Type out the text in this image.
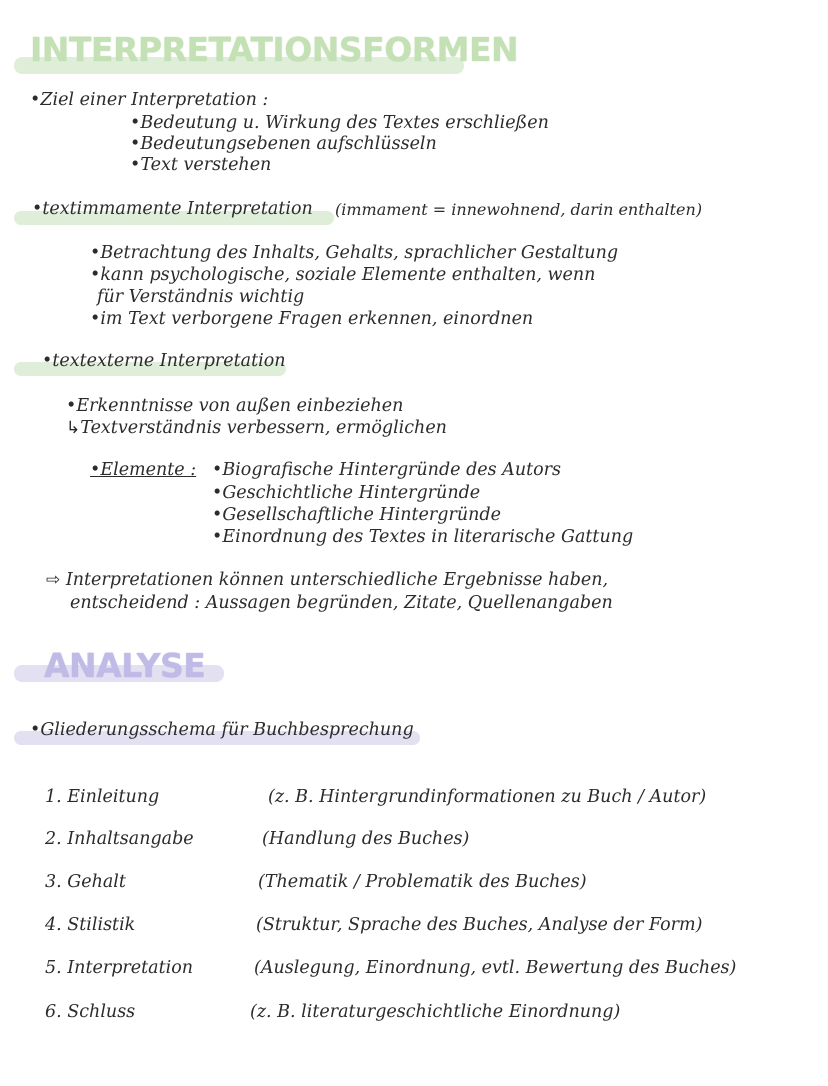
INTERPRETATIONSFORMEN
•Ziel einer Interpretation :
•Bedeutung u. Wirkung des Textes erschließen
•Bedeutungsebenen aufschlüsseln
•Text verstehen
•textimmamente Interpretation (immament = innewohnend, darin enthalten)
•Betrachtung des Inhalts, Gehalts, sprachlicher Gestaltung
•kann psychologische, soziale Elemente enthalten, wenn
für Verständnis wichtig
•im Text verborgene Fragen erkennen, einordnen
•textexterne Interpretation
•Erkenntnisse von außen einbeziehen
↳Textverständnis verbessern, ermöglichen
•Elemente : •Biografische Hintergründe des Autors
•Geschichtliche Hintergründe
•Gesellschaftliche Hintergründe
•Einordnung des Textes in literarische Gattung
⇨ Interpretationen können unterschiedliche Ergebnisse haben,
entscheidend : Aussagen begründen, Zitate, Quellenangaben
ANALYSE
•Gliederungsschema für Buchbesprechung
1. Einleitung	(z. B. Hintergrundinformationen zu Buch / Autor)
2. Inhaltsangabe	(Handlung des Buches)
3. Gehalt	(Thematik / Problematik des Buches)
4. Stilistik	(Struktur, Sprache des Buches, Analyse der Form)
5. Interpretation	(Auslegung, Einordnung, evtl. Bewertung des Buches)
6. Schluss	(z. B. literaturgeschichtliche Einordnung)
